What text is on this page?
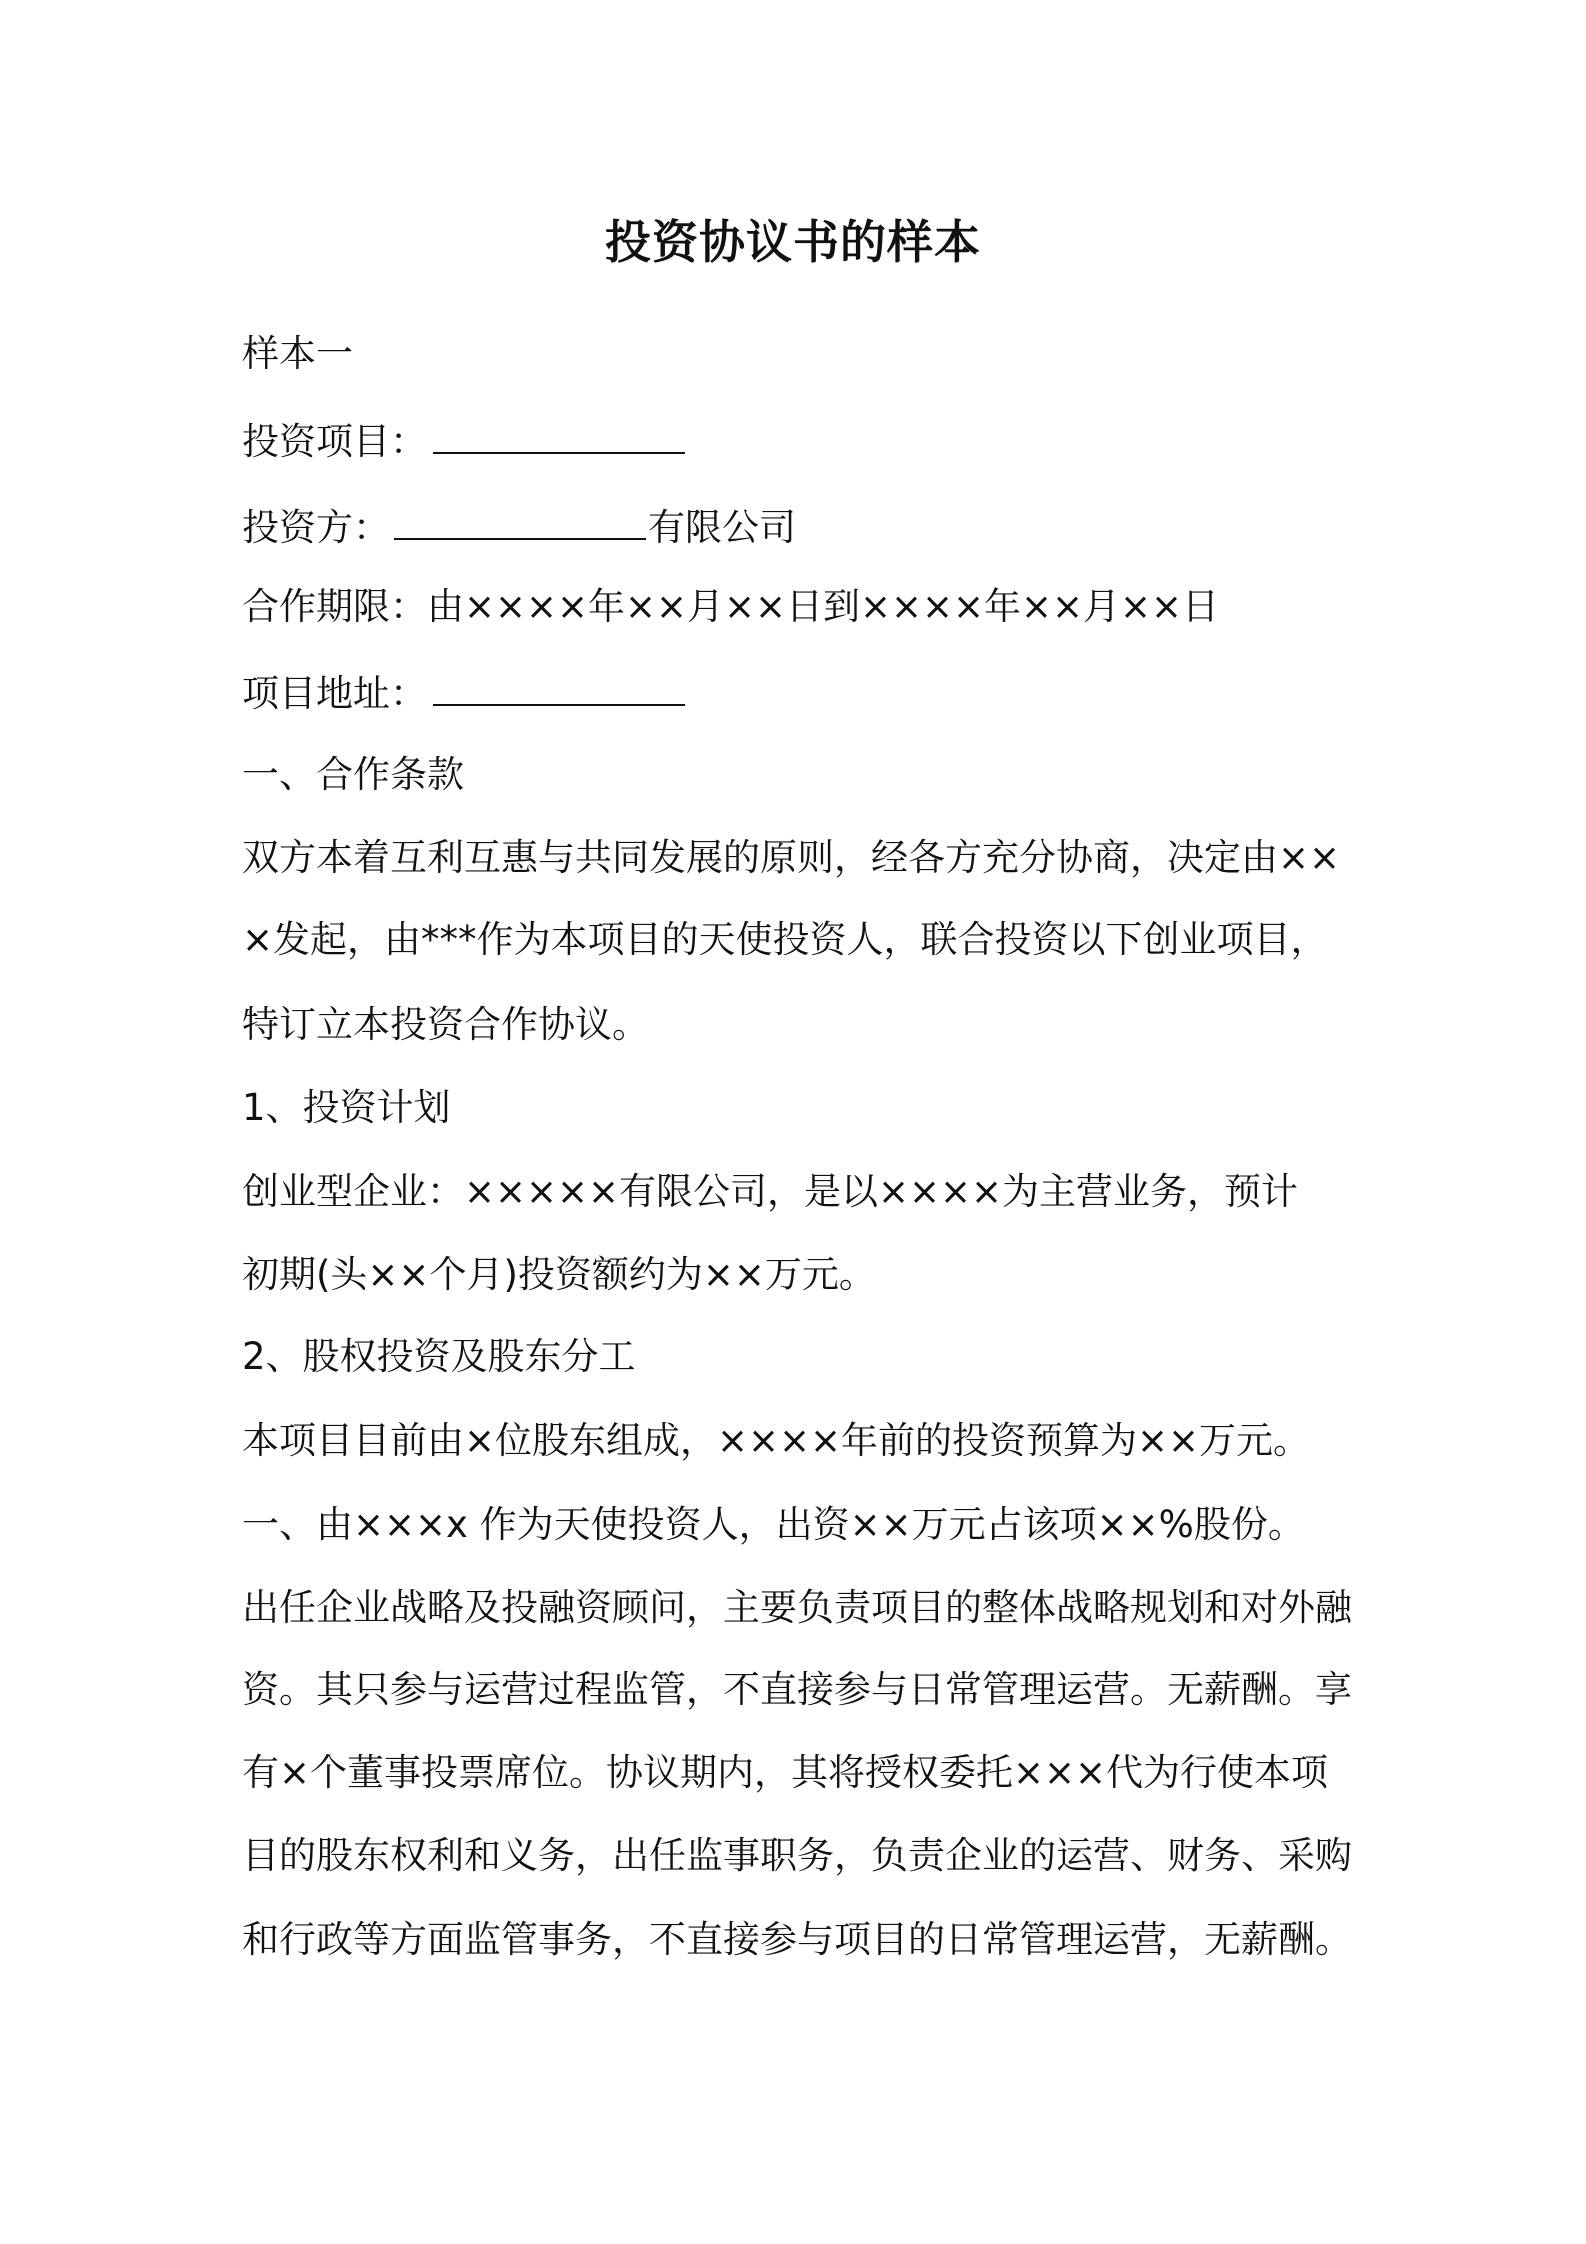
投资协议书的样本
样本一
投资项目：
投资方：	有限公司
合作期限：由××××年××月××日到××××年××月××日
项目地址：
一、合作条款
双方本着互利互惠与共同发展的原则，经各方充分协商，决定由××
×发起，由***作为本项目的天使投资人，联合投资以下创业项目，
特订立本投资合作协议。
1、投资计划
创业型企业：×××××有限公司，是以××××为主营业务，预计
初期(头××个月)投资额约为××万元。
2、股权投资及股东分工
本项目目前由×位股东组成，××××年前的投资预算为××万元。
一、由×××x 作为天使投资人，出资××万元占该项××%股份。
出任企业战略及投融资顾问，主要负责项目的整体战略规划和对外融
资。其只参与运营过程监管，不直接参与日常管理运营。无薪酬。享
有×个董事投票席位。协议期内，其将授权委托×××代为行使本项
目的股东权利和义务，出任监事职务，负责企业的运营、财务、采购
和行政等方面监管事务，不直接参与项目的日常管理运营，无薪酬。
